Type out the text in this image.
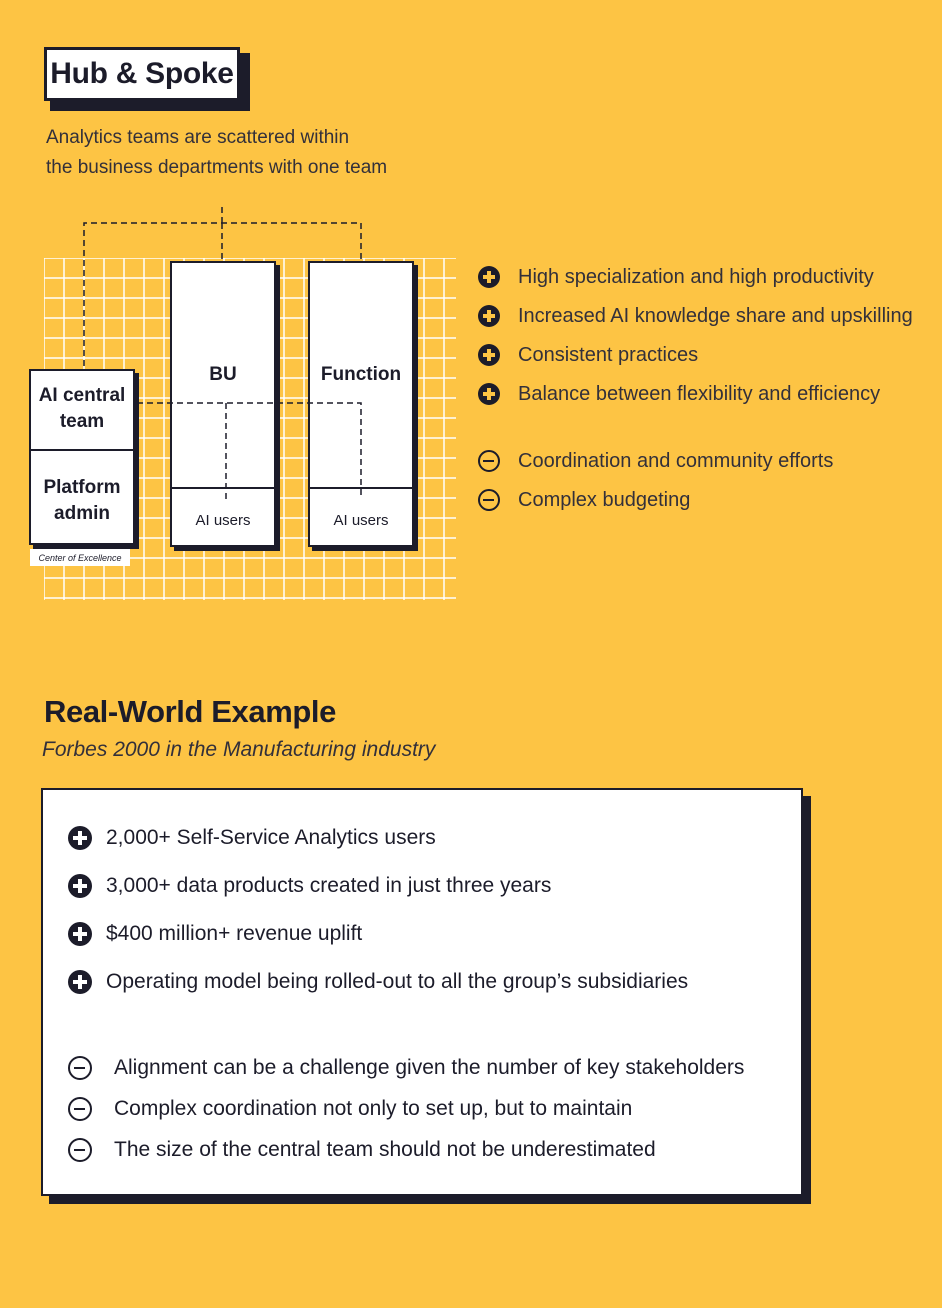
Hub & Spoke
Analytics teams are scattered within
the business departments with one team
BU
AI users
Function
AI users
AI central
team
Platform
admin
Center of Excellence
High specialization and high productivity
Increased AI knowledge share and upskilling
Consistent practices
Balance between flexibility and efficiency
Coordination and community efforts
Complex budgeting
Real-World Example
Forbes 2000 in the Manufacturing industry
2,000+ Self-Service Analytics users
3,000+ data products created in just three years
$400 million+ revenue uplift
Operating model being rolled-out to all the group’s subsidiaries
Alignment can be a challenge given the number of key stakeholders
Complex coordination not only to set up, but to maintain
The size of the central team should not be underestimated
